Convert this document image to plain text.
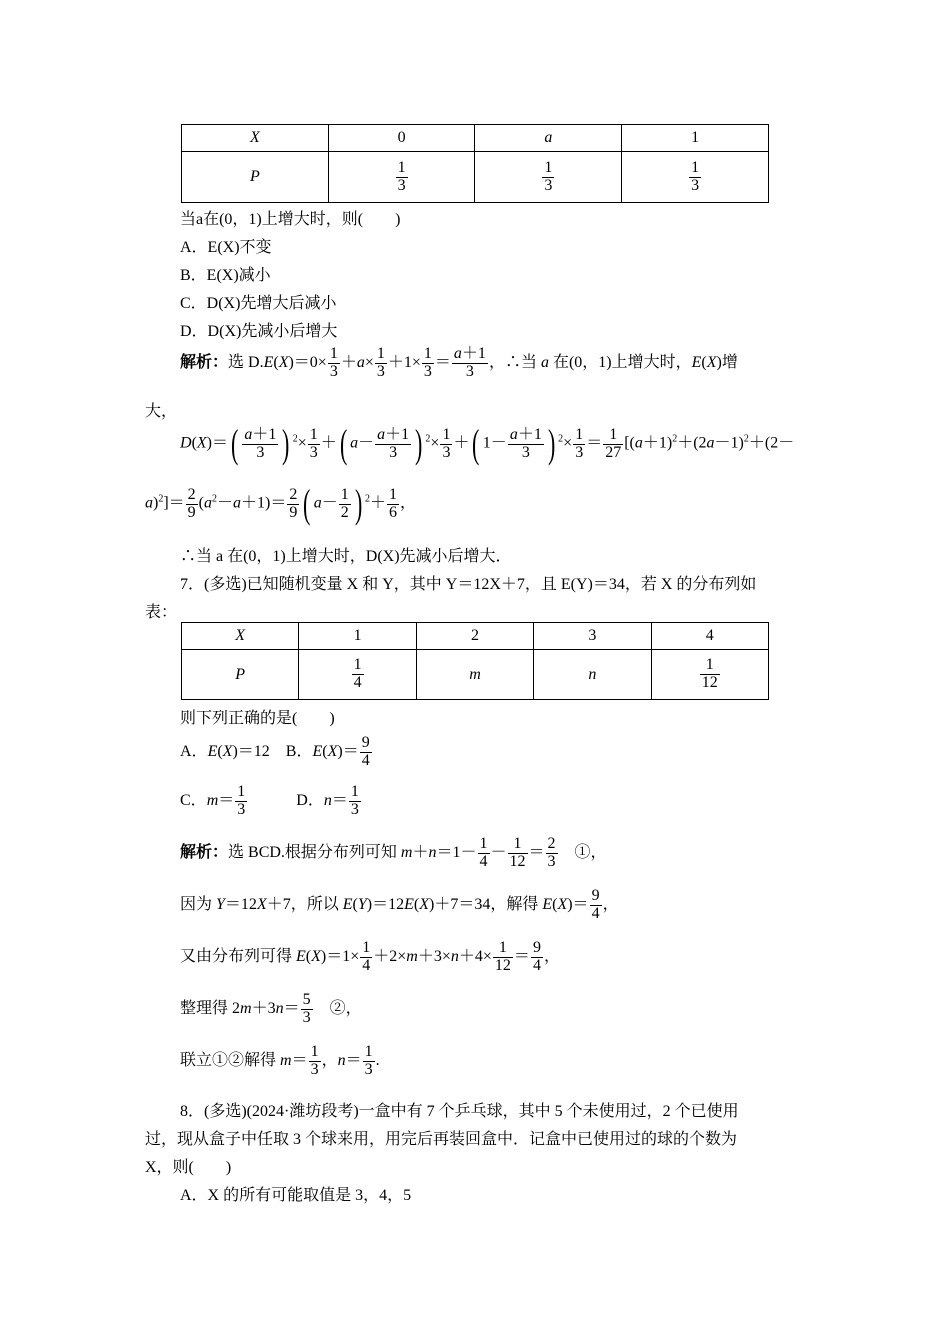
X	0	a	1
P	$\frac{1}{3}$	$\frac{1}{3}$	$\frac{1}{3}$
当a在(0，1)上增大时，则(　　)
A．E(X)不变
B．E(X)减小
C．D(X)先增大后减小
D．D(X)先减小后增大
解析：选 $D.E(X)=0\times \frac{1}{3} +a\times \frac{1}{3} +1\times \frac{1}{3} = \frac{a+1}{3}$ ，∴当 a 在(0，1)上增大时，E(X)增
大，
$D(X)=( \frac{a+1}{3}$ ) $^2\times \frac{1}{3}$ ＋( $a- \frac{a+1}{3}$ ) $^2\times \frac{1}{3}$ ＋( $1- \frac{a+1}{3}$ ) $^2\times \frac{1}{3} = \frac{1}{27} [(a+1)^2+(2a-1)^2+(2-$
$a)^2]= \frac{2}{9} (a^2-a+1)= \frac{2}{9}$ ( $a- \frac{1}{2}$ ) $^2+ \frac{1}{6}$ ，
∴当 a 在(0，1)上增大时，D(X)先减小后增大．
7．(多选)已知随机变量 X 和 Y，其中 Y＝12X＋7，且 E(Y)＝34，若 X 的分布列如
表：
X	1	2	3	4
P	$\frac{1}{4}$	m	n	$\frac{1}{12}$
则下列正确的是(　　)
A．E(X)＝12　B．$E(X)= \frac{9}{4}$
C．$m= \frac{1}{3}$ 　　　D．$n= \frac{1}{3}$
解析：选 BCD.根据分布列可知 $m+n=1- \frac{1}{4} - \frac{1}{12} = \frac{2}{3}$ 　①，
因为 Y＝12X＋7，所以 E(Y)＝12E(X)＋7＝34，解得 $E(X)= \frac{9}{4}$ ，
又由分布列可得 $E(X)=1\times \frac{1}{4} +2\times m+3\times n+4\times \frac{1}{12} = \frac{9}{4}$ ，
整理得 $2m+3n= \frac{5}{3}$ 　②，
联立①②解得 $m= \frac{1}{3}$ ，$n= \frac{1}{3}$ .
8．(多选)(2024·潍坊段考)一盒中有 7 个乒乓球，其中 5 个未使用过，2 个已使用
过，现从盒子中任取 3 个球来用，用完后再装回盒中．记盒中已使用过的球的个数为
X，则(　　)
A．X 的所有可能取值是 3，4，5
